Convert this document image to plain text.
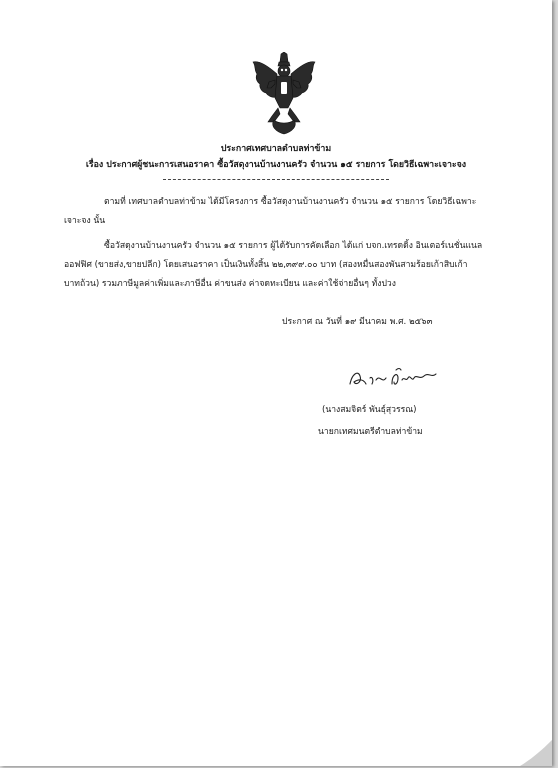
ประกาศเทศบาลตำบลท่าข้าม
เรื่อง ประกาศผู้ชนะการเสนอราคา ซื้อวัสดุงานบ้านงานครัว จำนวน ๑๕ รายการ โดยวิธีเฉพาะเจาะจง
ตามที่ เทศบาลตำบลท่าข้าม ได้มีโครงการ ซื้อวัสดุงานบ้านงานครัว จำนวน ๑๕ รายการ โดยวิธีเฉพาะ
เจาะจง นั้น
ซื้อวัสดุงานบ้านงานครัว จำนวน ๑๕ รายการ ผู้ได้รับการคัดเลือก ได้แก่ บจก.เทรดดิ้ง อินเตอร์เนชั่นแนล
ออฟฟิศ (ขายส่ง,ขายปลีก) โดยเสนอราคา เป็นเงินทั้งสิ้น ๒๒,๓๙๙.๐๐ บาท (สองหมื่นสองพันสามร้อยเก้าสิบเก้า
บาทถ้วน) รวมภาษีมูลค่าเพิ่มและภาษีอื่น ค่าขนส่ง ค่าจดทะเบียน และค่าใช้จ่ายอื่นๆ ทั้งปวง
ประกาศ ณ วันที่ ๑๙ มีนาคม พ.ศ. ๒๕๖๓
(นางสมจิตร์ พันธุ์สุวรรณ)
นายกเทศมนตรีตำบลท่าข้าม
